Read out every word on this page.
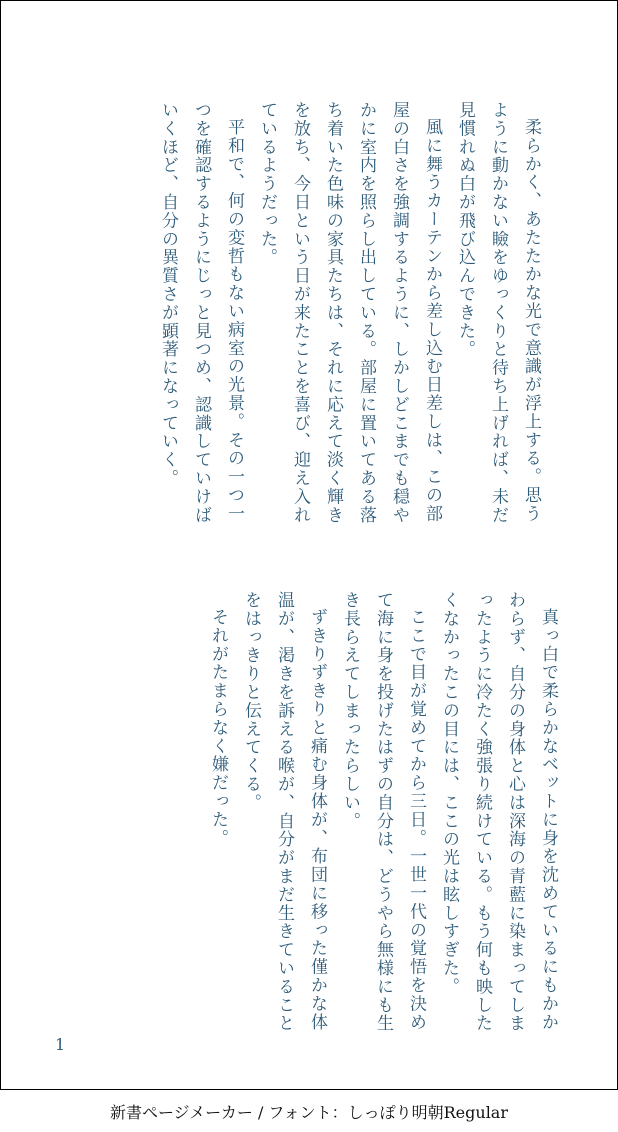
柔らかく、あたたかな光で意識が浮上する。思うように動かない瞼をゆっくりと待ち上げれば、未だ見慣れぬ白が飛び込んできた。

風に舞うカーテンから差し込む日差しは、この部屋の白さを強調するように、しかしどこまでも穏やかに室内を照らし出している。部屋に置いてある落ち着いた色味の家具たちは、それに応えて淡く輝きを放ち、今日という日が来たことを喜び、迎え入れているようだった。

平和で、何の変哲もない病室の光景。その一つ一つを確認するようにじっと見つめ、認識していけばいくほど、自分の異質さが顕著になっていく。

真っ白で柔らかなベットに身を沈めているにもかかわらず、自分の身体と心は深海の青藍に染まってしまったように冷たく強張り続けている。もう何も映したくなかったこの目には、ここの光は眩しすぎた。

ここで目が覚めてから三日。一世一代の覚悟を決めて海に身を投げたはずの自分は、どうやら無様にも生き長らえてしまったらしい。

ずきりずきりと痛む身体が、布団に移った僅かな体温が、渇きを訴える喉が、自分がまだ生きていることをはっきりと伝えてくる。

それがたまらなく嫌だった。

1
新書ページメーカー / フォント：しっぽり明朝Regular
